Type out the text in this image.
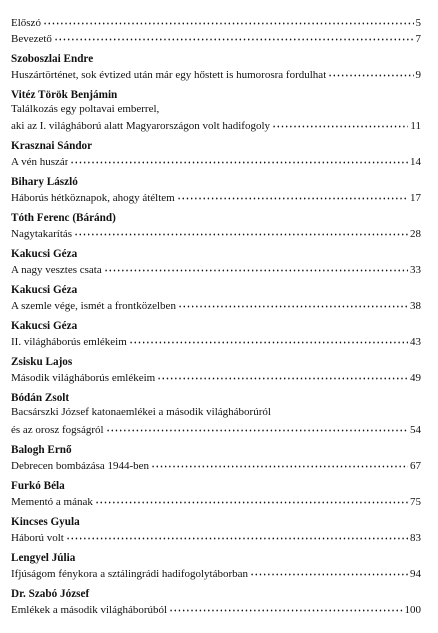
Előszó	5
Bevezető	7
Szoboszlai Endre
Huszártörténet, sok évtized után már egy hőstett is humorosra fordulhat	9
Vitéz Török Benjámin
Találkozás egy poltavai emberrel,
aki az I. világháború alatt Magyarországon volt hadifogoly	11
Krasznai Sándor
A vén huszár	14
Bihary László
Háborús hétköznapok, ahogy átéltem	17
Tóth Ferenc (Báránd)
Nagytakarítás	28
Kakucsi Géza
A nagy vesztes csata	33
Kakucsi Géza
A szemle vége, ismét a frontközelben	38
Kakucsi Géza
II. világháborús emlékeim	43
Zsisku Lajos
Második világháborús emlékeim	49
Bódán Zsolt
Bacsárszki József katonaemlékei a második világháborúról
és az orosz fogságról	54
Balogh Ernő
Debrecen bombázása 1944-ben	67
Furkó Béla
Mementó a mának	75
Kincses Gyula
Háború volt	83
Lengyel Júlia
Ifjúságom fénykora a sztálingrádi hadifogolytáborban	94
Dr. Szabó József
Emlékek a második világháborúból	100
